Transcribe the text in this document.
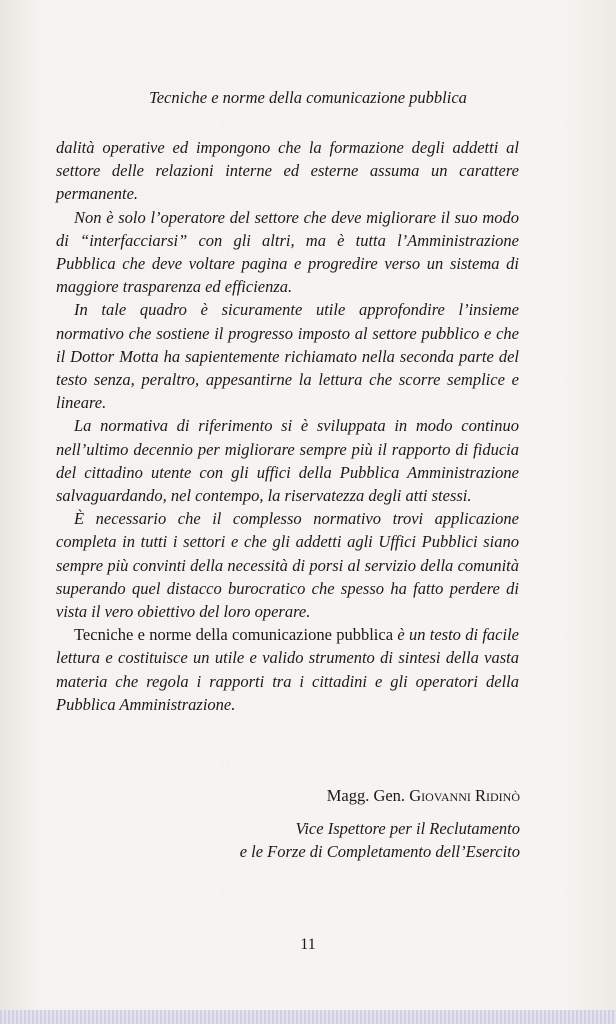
Tecniche e norme della comunicazione pubblica

dalità operative ed impongono che la formazione degli addetti al settore delle relazioni interne ed esterne assuma un carattere permanente.

Non è solo l’operatore del settore che deve migliorare il suo modo di “interfacciarsi” con gli altri, ma è tutta l’Amministrazione Pubblica che deve voltare pagina e progredire verso un sistema di maggiore trasparenza ed efficienza.

In tale quadro è sicuramente utile approfondire l’insieme normativo che sostiene il progresso imposto al settore pubblico e che il Dottor Motta ha sapientemente richiamato nella seconda parte del testo senza, peraltro, appesantirne la lettura che scorre semplice e lineare.

La normativa di riferimento si è sviluppata in modo continuo nell’ultimo decennio per migliorare sempre più il rapporto di fiducia del cittadino utente con gli uffici della Pubblica Amministrazione salvaguardando, nel contempo, la riservatezza degli atti stessi.

È necessario che il complesso normativo trovi applicazione completa in tutti i settori e che gli addetti agli Uffici Pubblici siano sempre più convinti della necessità di porsi al servizio della comunità superando quel distacco burocratico che spesso ha fatto perdere di vista il vero obiettivo del loro operare.

Tecniche e norme della comunicazione pubblica è un testo di facile lettura e costituisce un utile e valido strumento di sintesi della vasta materia che regola i rapporti tra i cittadini e gli operatori della Pubblica Amministrazione.

Magg. Gen. Giovanni Ridinò
Vice Ispettore per il Reclutamento
e le Forze di Completamento dell’Esercito
11
